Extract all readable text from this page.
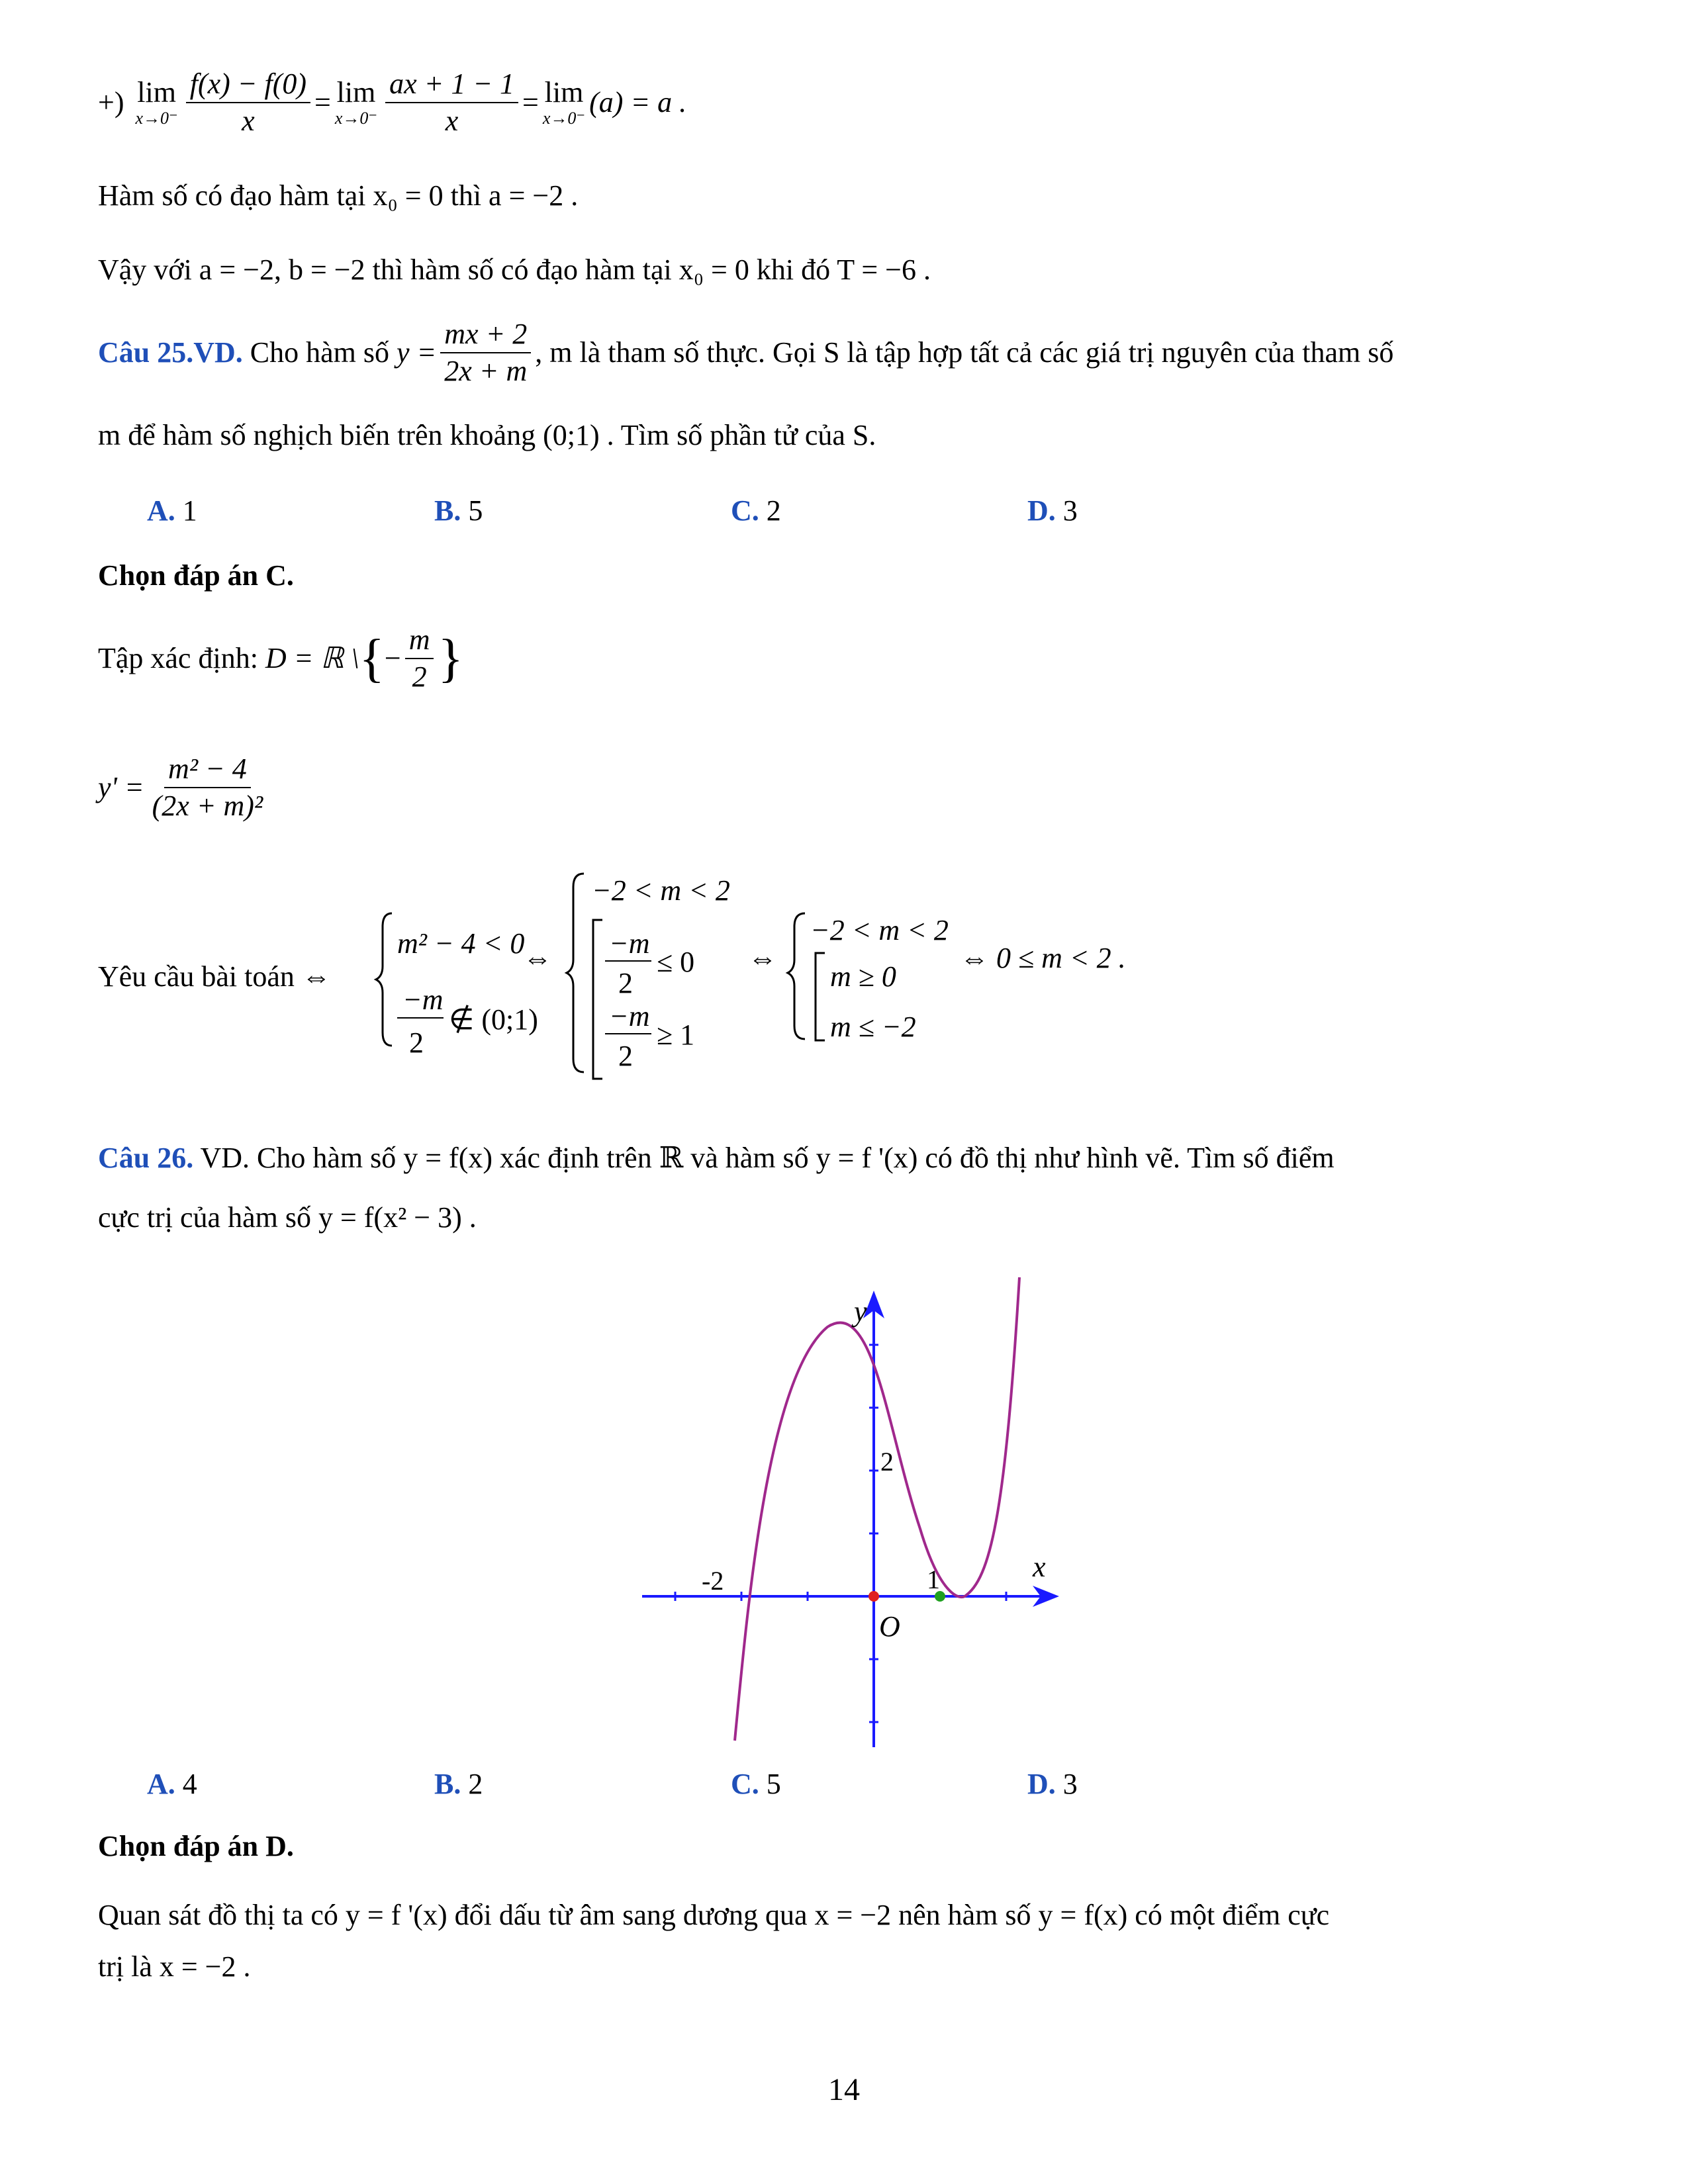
+)
lim
$x\to 0^- \frac{f(x) - f(0)}{x} = \lim$
$x\to 0^- \frac{ax + 1 - 1}{x} = \lim$
x→0⁻ (a)
= a .
Hàm số có đạo hàm tại x₀ = 0 thì a = −2 .
Vậy với a = −2, b = −2 thì hàm số có đạo hàm tại x₀ = 0 khi đó T = −6 .
Câu 25.VD.
Cho hàm số
$y = \frac{mx + 2}{2x + m}$ , m là tham số thực. Gọi S là tập hợp tất cả các giá trị nguyên của tham số
m để hàm số nghịch biến trên khoảng (0;1) . Tìm số phần tử của S.
A. 1	B. 5	C. 2	D. 3
Chọn đáp án C.
Tập xác định:
D = ℝ \ { − $\frac{m}{2}$ }
$y' = \frac{\text{m² − 4}}{\text{(2x + m)²}}$
Yêu cầu bài toán ⇔
m² − 4 < 0
−m
2
∉ (0;1)
⇔
−2 < m < 2
−m
2
≤ 0
−m
2
≥ 1
⇔
−2 < m < 2
m ≥ 0
m ≤ −2
⇔ 0 ≤ m < 2 .
Câu 26. VD. Cho hàm số y = f(x) xác định trên ℝ và hàm số y = f '(x) có đồ thị như hình vẽ. Tìm số điểm
cực trị của hàm số y = f(x² − 3) .
y
x
O
-2	1
2
A. 4	B. 2	C. 5	D. 3
Chọn đáp án D.
Quan sát đồ thị ta có y = f '(x) đổi dấu từ âm sang dương qua x = −2 nên hàm số y = f(x) có một điểm cực
trị là x = −2 .
14
